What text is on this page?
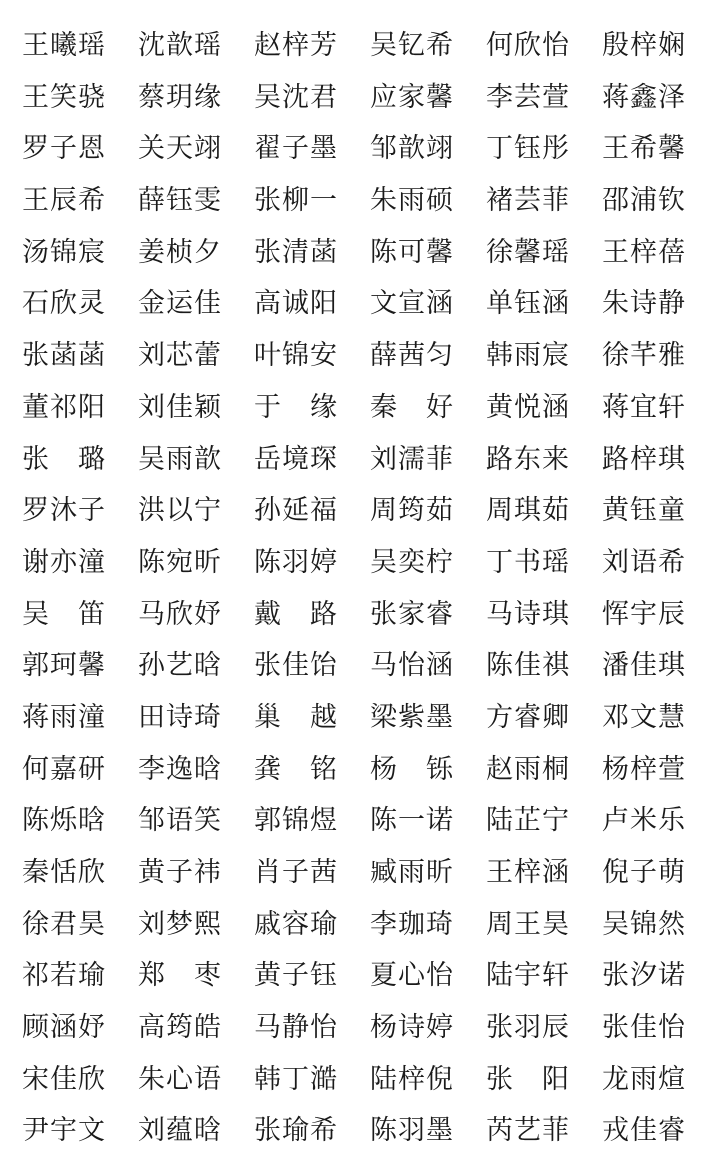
王曦瑶	沈歆瑶	赵梓芳	吴钇希	何欣怡	殷梓娴
王笑骁	蔡玥缘	吴沈君	应家馨	李芸萱	蒋鑫泽
罗子恩	关天翊	翟子墨	邹歆翊	丁钰彤	王希馨
王辰希	薛钰雯	张柳一	朱雨硕	褚芸菲	邵浦钦
汤锦宸	姜桢夕	张清菡	陈可馨	徐馨瑶	王梓蓓
石欣灵	金运佳	高诚阳	文宣涵	单钰涵	朱诗静
张菡菡	刘芯蕾	叶锦安	薛茜匀	韩雨宸	徐芊雅
董祁阳	刘佳颖	于　缘	秦　好	黄悦涵	蒋宜轩
张　璐	吴雨歆	岳境琛	刘濡菲	路东来	路梓琪
罗沐子	洪以宁	孙延福	周筠茹	周琪茹	黄钰童
谢亦潼	陈宛昕	陈羽婷	吴奕柠	丁书瑶	刘语希
吴　笛	马欣妤	戴　路	张家睿	马诗琪	恽宇辰
郭珂馨	孙艺晗	张佳饴	马怡涵	陈佳祺	潘佳琪
蒋雨潼	田诗琦	巢　越	梁紫墨	方睿卿	邓文慧
何嘉研	李逸晗	龚　铭	杨　铄	赵雨桐	杨梓萱
陈烁晗	邹语笑	郭锦煜	陈一诺	陆芷宁	卢米乐
秦恬欣	黄子祎	肖子茜	臧雨昕	王梓涵	倪子萌
徐君昊	刘梦熙	戚容瑜	李珈琦	周王昊	吴锦然
祁若瑜	郑　枣	黄子钰	夏心怡	陆宇轩	张汐诺
顾涵妤	高筠皓	马静怡	杨诗婷	张羽辰	张佳怡
宋佳欣	朱心语	韩丁澔	陆梓倪	张　阳	龙雨煊
尹宇文	刘蕴晗	张瑜希	陈羽墨	芮艺菲	戎佳睿
